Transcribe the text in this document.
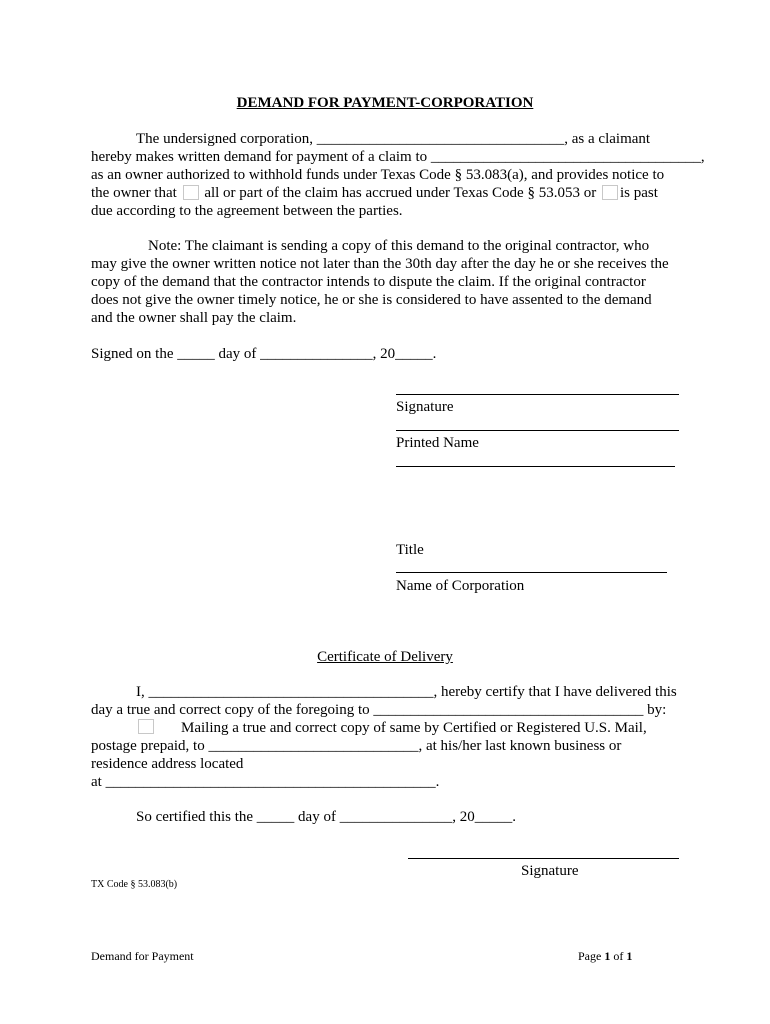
DEMAND FOR PAYMENT-CORPORATION
The undersigned corporation, _________________________________, as a claimant
hereby makes written demand for payment of a claim to ____________________________________,
as an owner authorized to withhold funds under Texas Code § 53.083(a), and provides notice to
the owner that all or part of the claim has accrued under Texas Code § 53.053 or is past
due according to the agreement between the parties.
Note: The claimant is sending a copy of this demand to the original contractor, who
may give the owner written notice not later than the 30th day after the day he or she receives the
copy of the demand that the contractor intends to dispute the claim. If the original contractor
does not give the owner timely notice, he or she is considered to have assented to the demand
and the owner shall pay the claim.
Signed on the _____ day of _______________, 20_____.
Signature
Printed Name
Title
Name of Corporation
Certificate of Delivery
I, ______________________________________, hereby certify that I have delivered this
day a true and correct copy of the foregoing to ____________________________________ by:
Mailing a true and correct copy of same by Certified or Registered U.S. Mail,
postage prepaid, to ____________________________, at his/her last known business or
residence address located
at ____________________________________________.
So certified this the _____ day of _______________, 20_____.
Signature
TX Code § 53.083(b)
Demand for Payment	Page 1 of 1
